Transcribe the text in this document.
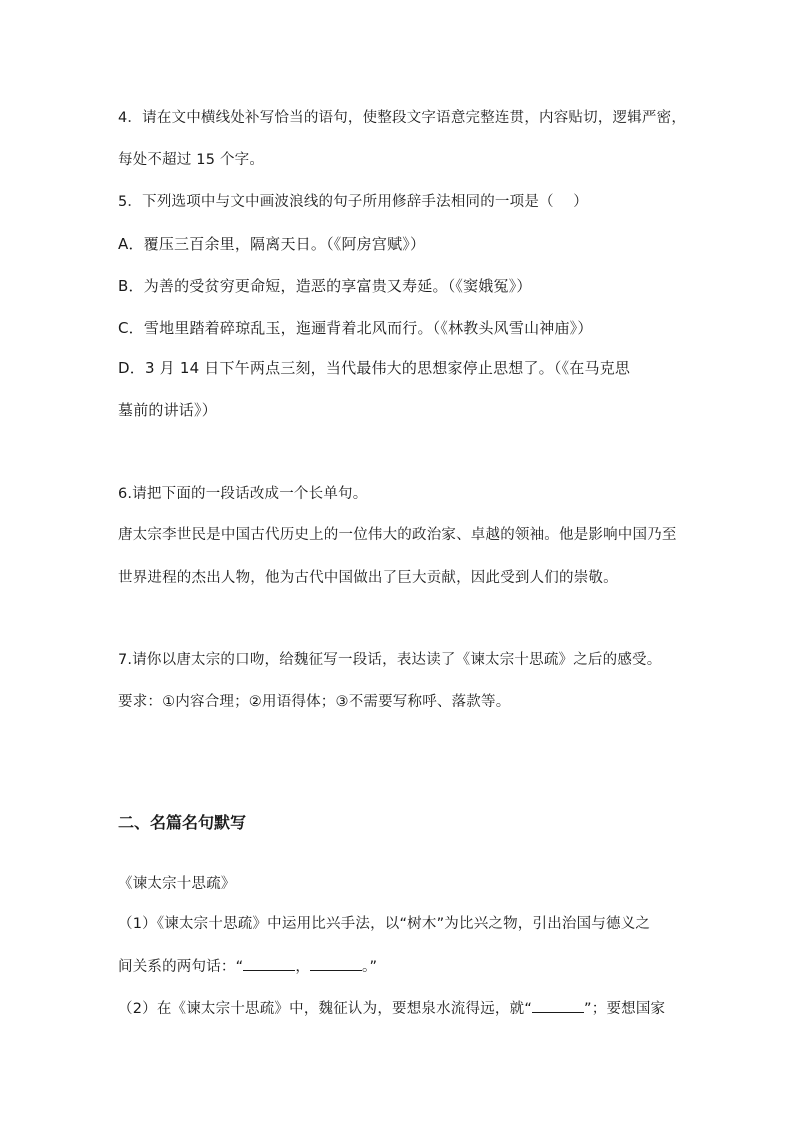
4．请在文中横线处补写恰当的语句，使整段文字语意完整连贯，内容贴切，逻辑严密，
每处不超过 15 个字。
5．下列选项中与文中画波浪线的句子所用修辞手法相同的一项是（　 ）
A．覆压三百余里，隔离天日。（《阿房宫赋》）
B．为善的受贫穷更命短，造恶的享富贵又寿延。（《窦娥冤》）
C．雪地里踏着碎琼乱玉，迤逦背着北风而行。（《林教头风雪山神庙》）
D．3 月 14 日下午两点三刻，当代最伟大的思想家停止思想了。（《在马克思
墓前的讲话》）
6.请把下面的一段话改成一个长单句。
唐太宗李世民是中国古代历史上的一位伟大的政治家、卓越的领袖。他是影响中国乃至
世界进程的杰出人物，他为古代中国做出了巨大贡献，因此受到人们的崇敬。
7.请你以唐太宗的口吻，给魏征写一段话，表达读了《谏太宗十思疏》之后的感受。
要求：①内容合理；②用语得体；③不需要写称呼、落款等。
二、名篇名句默写
《谏太宗十思疏》
（1）《谏太宗十思疏》中运用比兴手法，以“树木”为比兴之物，引出治国与德义之
间关系的两句话：“	，	。”
（2）在《谏太宗十思疏》中，魏征认为，要想泉水流得远，就“	”；要想国家
